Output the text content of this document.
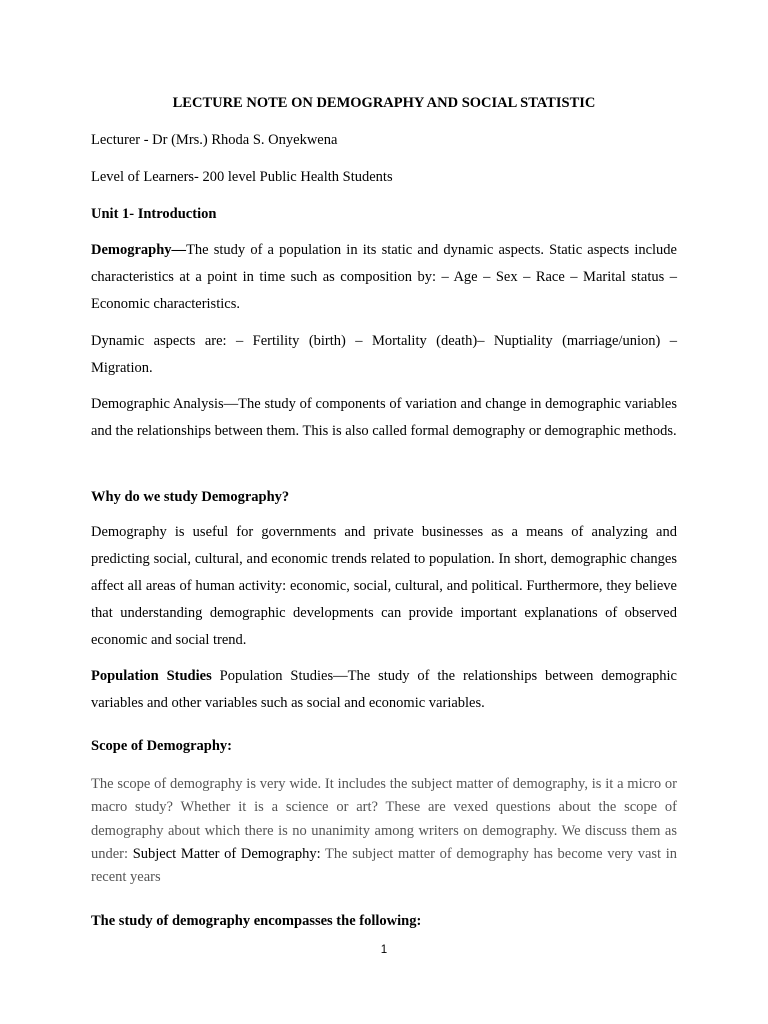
LECTURE NOTE ON DEMOGRAPHY AND SOCIAL STATISTIC
Lecturer - Dr (Mrs.) Rhoda S. Onyekwena
Level of Learners- 200 level Public Health Students
Unit 1- Introduction
Demography—The study of a population in its static and dynamic aspects. Static aspects include characteristics at a point in time such as composition by: – Age – Sex – Race – Marital status – Economic characteristics.
Dynamic aspects are: – Fertility (birth) – Mortality (death)– Nuptiality (marriage/union) – Migration.
Demographic Analysis—The study of components of variation and change in demographic variables and the relationships between them. This is also called formal demography or demographic methods.
Why do we study Demography?
Demography is useful for governments and private businesses as a means of analyzing and predicting social, cultural, and economic trends related to population. In short, demographic changes affect all areas of human activity: economic, social, cultural, and political. Furthermore, they believe that understanding demographic developments can provide important explanations of observed economic and social trend.
Population Studies Population Studies—The study of the relationships between demographic variables and other variables such as social and economic variables.
Scope of Demography:
The scope of demography is very wide. It includes the subject matter of demography, is it a micro or macro study? Whether it is a science or art? These are vexed questions about the scope of demography about which there is no unanimity among writers on demography. We discuss them as under: Subject Matter of Demography: The subject matter of demography has become very vast in recent years
The study of demography encompasses the following:
1
